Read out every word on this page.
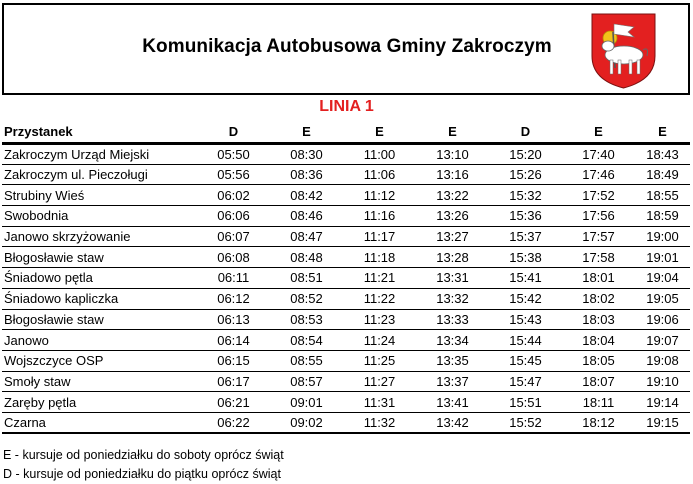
Komunikacja Autobusowa Gminy Zakroczym
LINIA 1
Przystanek	D	E	E	E	D	E	E
Zakroczym Urząd Miejski	05:50	08:30	11:00	13:10	15:20	17:40	18:43
Zakroczym ul. Pieczoługi	05:56	08:36	11:06	13:16	15:26	17:46	18:49
Strubiny Wieś	06:02	08:42	11:12	13:22	15:32	17:52	18:55
Swobodnia	06:06	08:46	11:16	13:26	15:36	17:56	18:59
Janowo skrzyżowanie	06:07	08:47	11:17	13:27	15:37	17:57	19:00
Błogosławie staw	06:08	08:48	11:18	13:28	15:38	17:58	19:01
Śniadowo pętla	06:11	08:51	11:21	13:31	15:41	18:01	19:04
Śniadowo kapliczka	06:12	08:52	11:22	13:32	15:42	18:02	19:05
Błogosławie staw	06:13	08:53	11:23	13:33	15:43	18:03	19:06
Janowo	06:14	08:54	11:24	13:34	15:44	18:04	19:07
Wojszczyce OSP	06:15	08:55	11:25	13:35	15:45	18:05	19:08
Smoły staw	06:17	08:57	11:27	13:37	15:47	18:07	19:10
Zaręby pętla	06:21	09:01	11:31	13:41	15:51	18:11	19:14
Czarna	06:22	09:02	11:32	13:42	15:52	18:12	19:15
E - kursuje od poniedziałku do soboty oprócz świąt
D - kursuje od poniedziałku do piątku oprócz świąt
